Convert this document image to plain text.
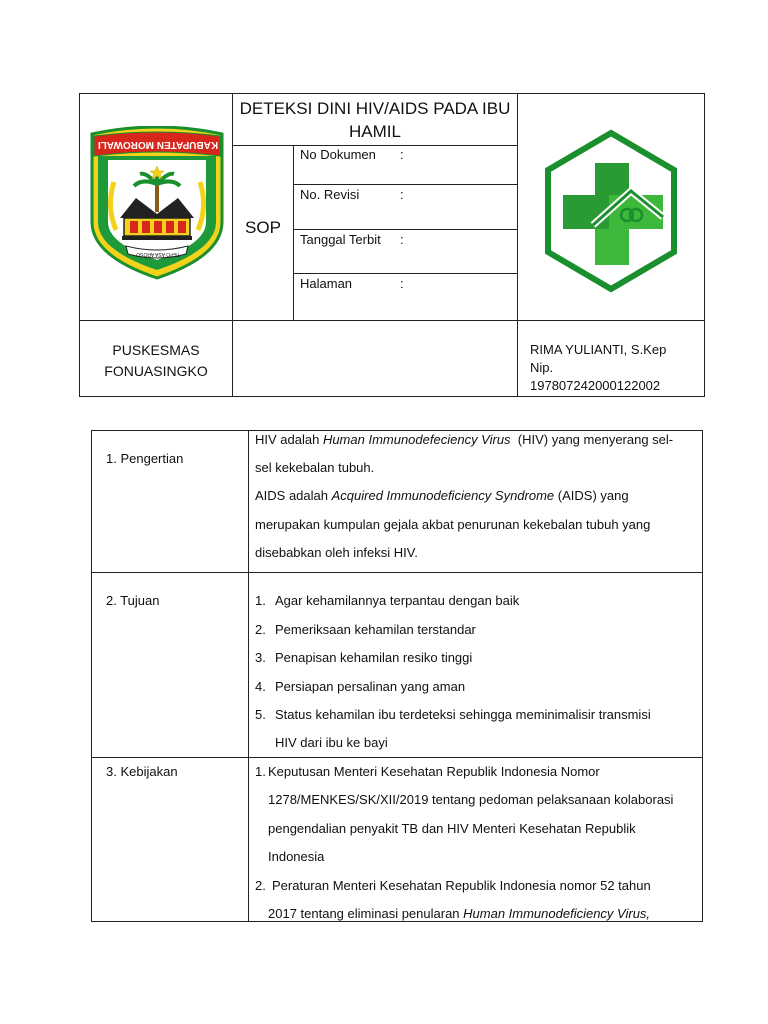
KABUPATEN MOROWALI
TEPO ASA AROSO
DETEKSI DINI HIV/AIDS PADA IBU
HAMIL
SOP
No Dokumen :
No. Revisi	:
Tanggal Terbit :
Halaman	:
PUSKESMAS
FONUASINGKO
RIMA YULIANTI, S.Kep
Nip.
197807242000122002
1. Pengertian
HIV adalah Human Immunodefeciency Virus  (HIV) yang menyerang sel-
sel kekebalan tubuh.
AIDS adalah Acquired Immunodeficiency Syndrome (AIDS) yang
merupakan kumpulan gejala akbat penurunan kekebalan tubuh yang
disebabkan oleh infeksi HIV.
2. Tujuan	1. Agar kehamilannya terpantau dengan baik
2. Pemeriksaan kehamilan terstandar
3. Penapisan kehamilan resiko tinggi
4. Persiapan persalinan yang aman
5. Status kehamilan ibu terdeteksi sehingga meminimalisir transmisi
HIV dari ibu ke bayi
3. Kebijakan	1. Keputusan Menteri Kesehatan Republik Indonesia Nomor
1278/MENKES/SK/XII/2019 tentang pedoman pelaksanaan kolaborasi
pengendalian penyakit TB dan HIV Menteri Kesehatan Republik
Indonesia
2. Peraturan Menteri Kesehatan Republik Indonesia nomor 52 tahun
2017 tentang eliminasi penularan Human Immunodeficiency Virus,
